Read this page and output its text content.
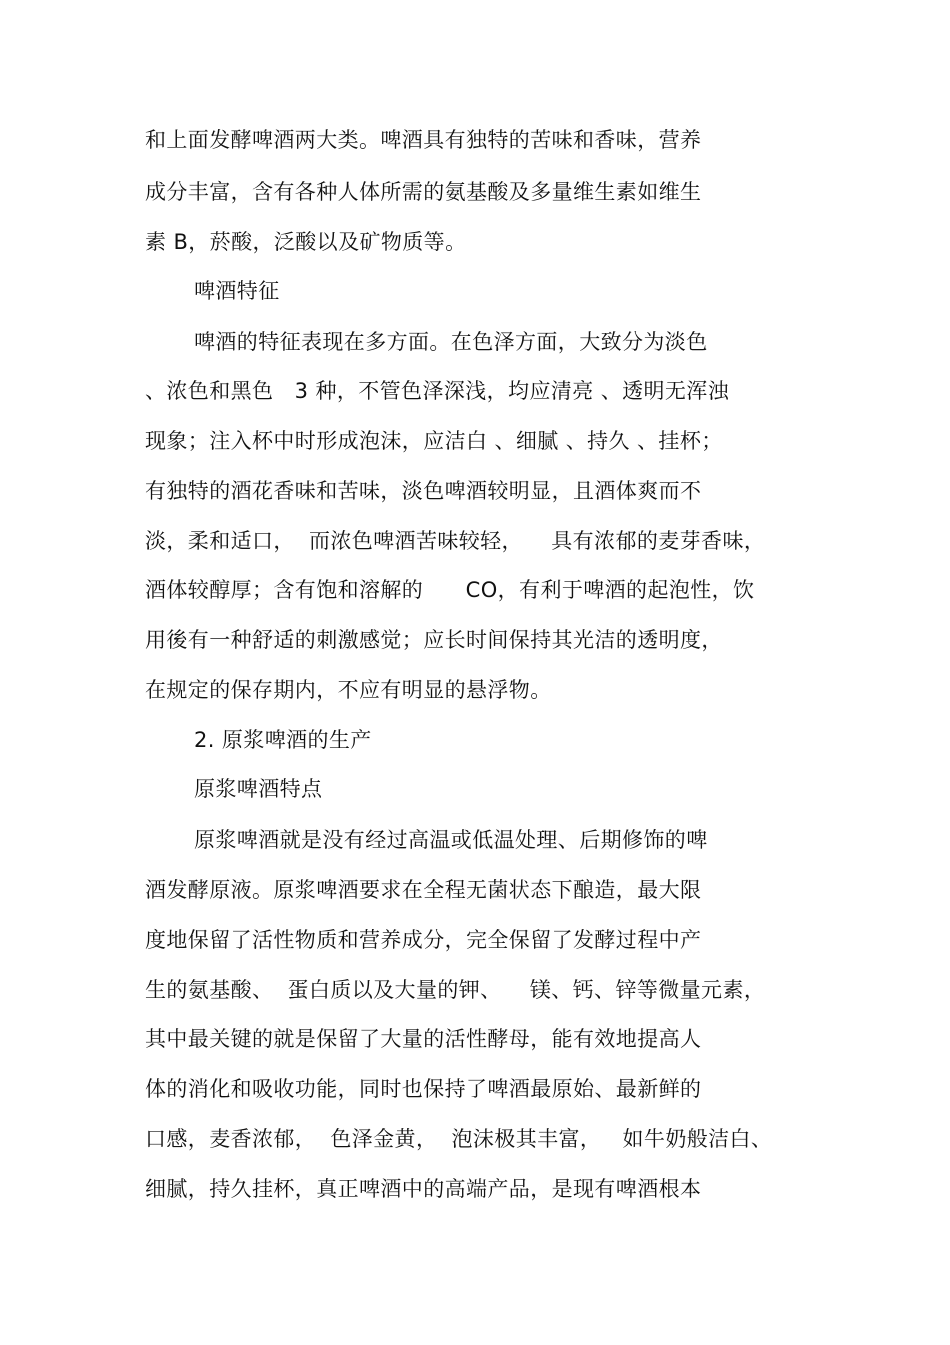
和上面发酵啤酒两大类。啤酒具有独特的苦味和香味，营养
成分丰富，含有各种人体所需的氨基酸及多量维生素如维生
素 B，菸酸，泛酸以及矿物质等。
啤酒特征
啤酒的特征表现在多方面。在色泽方面，大致分为淡色
、浓色和黑色   3 种，不管色泽深浅，均应清亮 、透明无浑浊
现象；注入杯中时形成泡沫，应洁白 、细腻 、持久 、挂杯；
有独特的酒花香味和苦味，淡色啤酒较明显，且酒体爽而不
淡，柔和适口，  而浓色啤酒苦味较轻，    具有浓郁的麦芽香味，
酒体较醇厚；含有饱和溶解的      CO，有利于啤酒的起泡性，饮
用後有一种舒适的刺激感觉；应长时间保持其光洁的透明度，
在规定的保存期内，不应有明显的悬浮物。
2. 原浆啤酒的生产
原浆啤酒特点
原浆啤酒就是没有经过高温或低温处理、后期修饰的啤
酒发酵原液。原浆啤酒要求在全程无菌状态下酿造，最大限
度地保留了活性物质和营养成分，完全保留了发酵过程中产
生的氨基酸、  蛋白质以及大量的钾、    镁、钙、锌等微量元素，
其中最关键的就是保留了大量的活性酵母，能有效地提高人
体的消化和吸收功能，同时也保持了啤酒最原始、最新鲜的
口感，麦香浓郁，  色泽金黄，  泡沫极其丰富，   如牛奶般洁白、
细腻，持久挂杯，真正啤酒中的高端产品，是现有啤酒根本
